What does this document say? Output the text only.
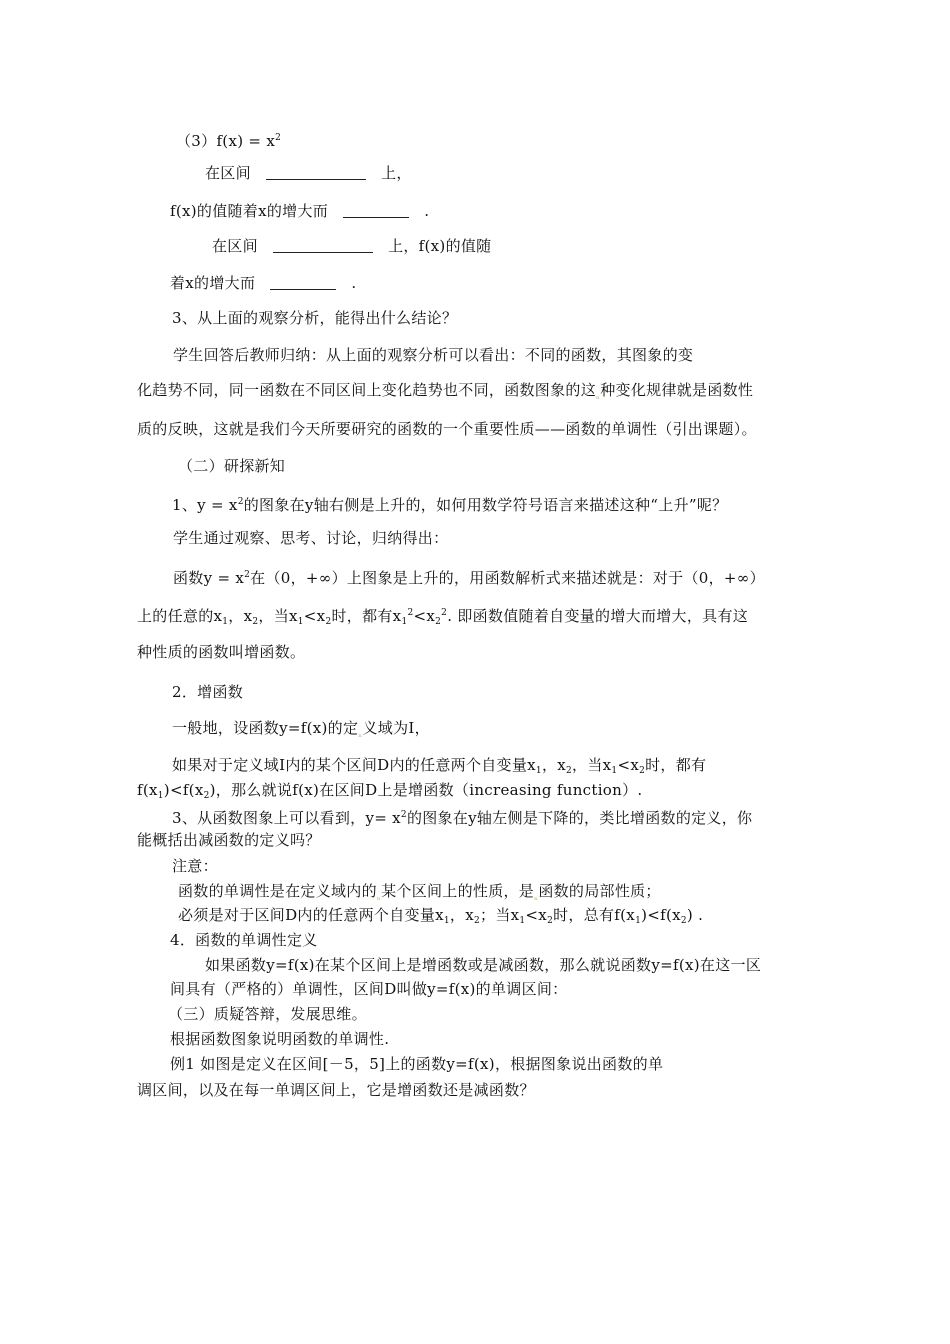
$(3)f(x) = x^2$
在区间	上，
f(x)的值随着x的增大而	.
在区间	上，f(x)的值随
着x的增大而	.
3、从上面的观察分析，能得出什么结论？
学生回答后教师归纳：从上面的观察分析可以看出：不同的函数，其图象的变
化趋势不同，同一函数在不同区间上变化趋势也不同，函数图象的这$_{_n}$种变化规律就是函数性
质的反映，这就是我们今天所要研究的函数的一个重要性质——函数的单调性（引出课题）。
（二）研探新知
1、$y = x^2$的图象在y轴右侧是上升的，如何用数学符号语言来描述这种“上升”呢？
学生通过观察、思考、讨论，归纳得出：
函数$y = x^2$在（0，+∞）上图象是上升的，用函数解析式来描述就是：对于（0，+∞）
上的任意的$x_1$，$x_2$，当$x_1<x_2$时，都有$x_1^2<x_2^2$. 即函数值随着自变量的增大而增大，具有这
种性质的函数叫增函数。
2．增函数
一般地，设函数y=f(x)的定$_{_n}$义域为I，
如果对于定义域I内的某个区间D内的任意两个自变量$x_1$，$x_2$，当$x_1<x_2$时，都有
$f(x_1)<f(x_2)$，那么就说f(x)在区间D上是增函数（increasing function）.
3、从函数图象上可以看到，$y= x^2$的图象在y轴左侧是下降的，类比增函数的定义，你
能概括出减函数的定义吗？
注意：
函数的单调性是在定义域内的$_{_n}$某个区间上的性质，是$_{_n}$函数的局部性质；
必须是对于区间D内的任意两个自变量$x_1$，$x_2$；当$x_1<x_2$时，总有$f(x_1)<f(x_2)$ .
4．函数的单调性定义
如果函数y=f(x)在某个区间上是增函数或是减函数，那么就说函数y=f(x)在这一区
间具有（严格的）单调性，区间D叫做y=f(x)的单调区间：
（三）质疑答辩，发展思维。
根据函数图象说明函数的单调性.
例1 如图是定义在区间[－5，5]上的函数y=f(x)，根据图象说出函数的单
调区间，以及在每一单调区间上，它是增函数还是减函数？
